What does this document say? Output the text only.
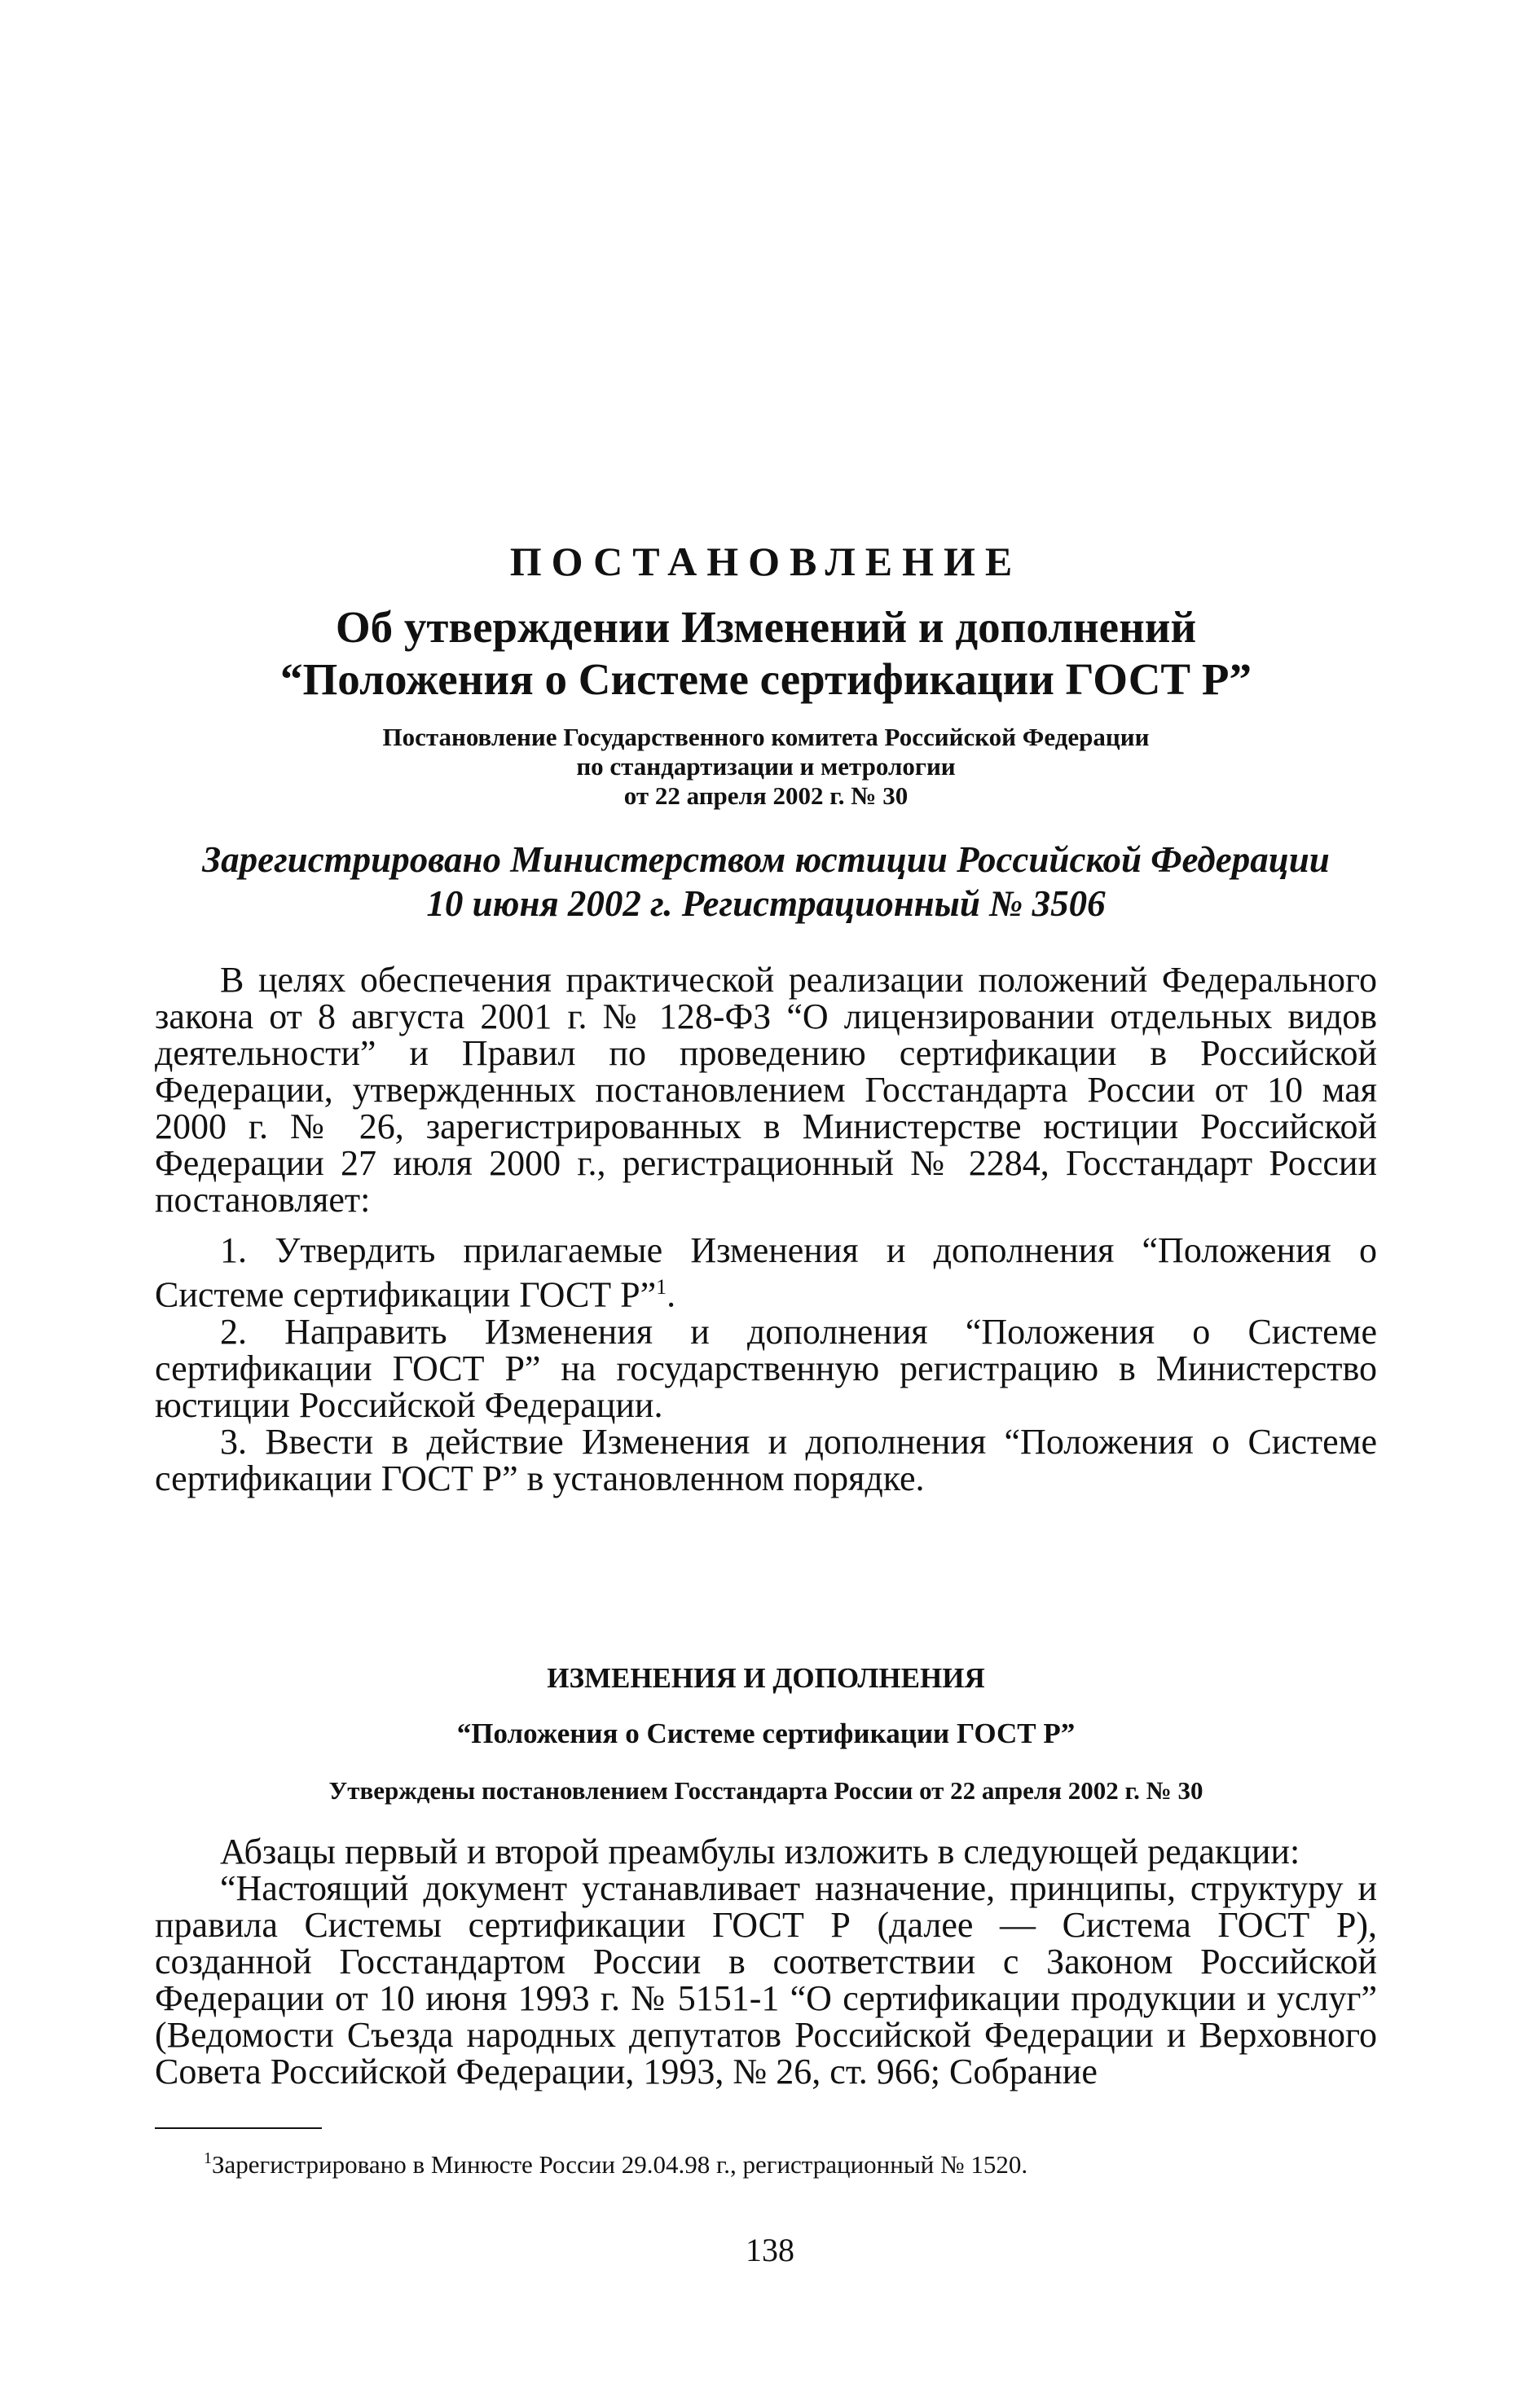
ПОСТАНОВЛЕНИЕ
Об утверждении Изменений и дополнений
“Положения о Системе сертификации ГОСТ Р”
Постановление Государственного комитета Российской Федерации
по стандартизации и метрологии
от 22 апреля 2002 г. № 30
Зарегистрировано Министерством юстиции Российской Федерации
10 июня 2002 г. Регистрационный № 3506

В целях обеспечения практической реализации положений Федерального закона от 8 августа 2001 г. № 128-ФЗ “О лицензировании отдельных видов деятельности” и Правил по проведению сертификации в Российской Федерации, утвержденных постановлением Госстандарта России от 10 мая 2000 г. № 26, зарегистрированных в Министерстве юстиции Российской Федерации 27 июля 2000 г., регистрационный № 2284, Госстандарт России постановляет:

1. Утвердить прилагаемые Изменения и дополнения “Положения о Системе сертификации ГОСТ Р”$^1$.

2. Направить Изменения и дополнения “Положения о Системе сертификации ГОСТ Р” на государственную регистрацию в Министерство юстиции Российской Федерации.

3. Ввести в действие Изменения и дополнения “Положения о Системе сертификации ГОСТ Р” в установленном порядке.

ИЗМЕНЕНИЯ И ДОПОЛНЕНИЯ
“Положения о Системе сертификации ГОСТ Р”
Утверждены постановлением Госстандарта России от 22 апреля 2002 г. № 30

Абзацы первый и второй преамбулы изложить в следующей редакции:

“Настоящий документ устанавливает назначение, принципы, структуру и правила Системы сертификации ГОСТ Р (далее — Система ГОСТ Р), созданной Госстандартом России в соответствии с Законом Российской Федерации от 10 июня 1993 г. № 5151-1 “О сертификации продукции и услуг” (Ведомости Съезда народных депутатов Российской Федерации и Верховного Совета Российской Федерации, 1993, № 26, ст. 966; Собрание

$^1$Зарегистрировано в Минюсте России 29.04.98 г., регистрационный № 1520.
138
